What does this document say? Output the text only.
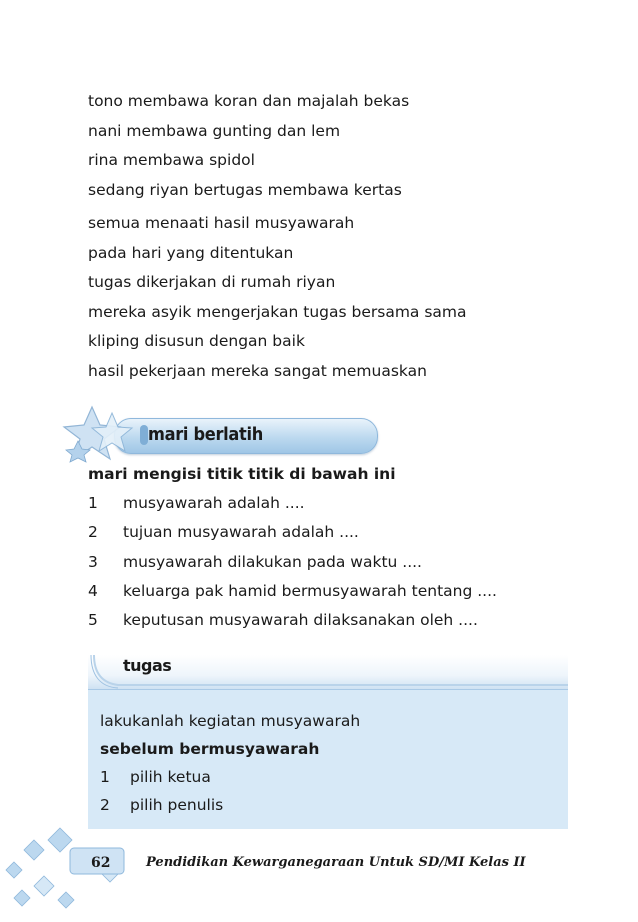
tono membawa koran dan majalah bekas
nani membawa gunting dan lem
rina membawa spidol
sedang riyan bertugas membawa kertas
semua menaati hasil musyawarah
pada hari yang ditentukan
tugas dikerjakan di rumah riyan
mereka asyik mengerjakan tugas bersama sama
kliping disusun dengan baik
hasil pekerjaan mereka sangat memuaskan
mari berlatih
mari mengisi titik titik di bawah ini
1 musyawarah adalah ....
2 tujuan musyawarah adalah ....
3 musyawarah dilakukan pada waktu ....
4 keluarga pak hamid bermusyawarah tentang ....
5 keputusan musyawarah dilaksanakan oleh ....
tugas
lakukanlah kegiatan musyawarah
sebelum bermusyawarah
1 pilih ketua
2 pilih penulis
62	Pendidikan Kewarganegaraan Untuk SD/MI Kelas II
